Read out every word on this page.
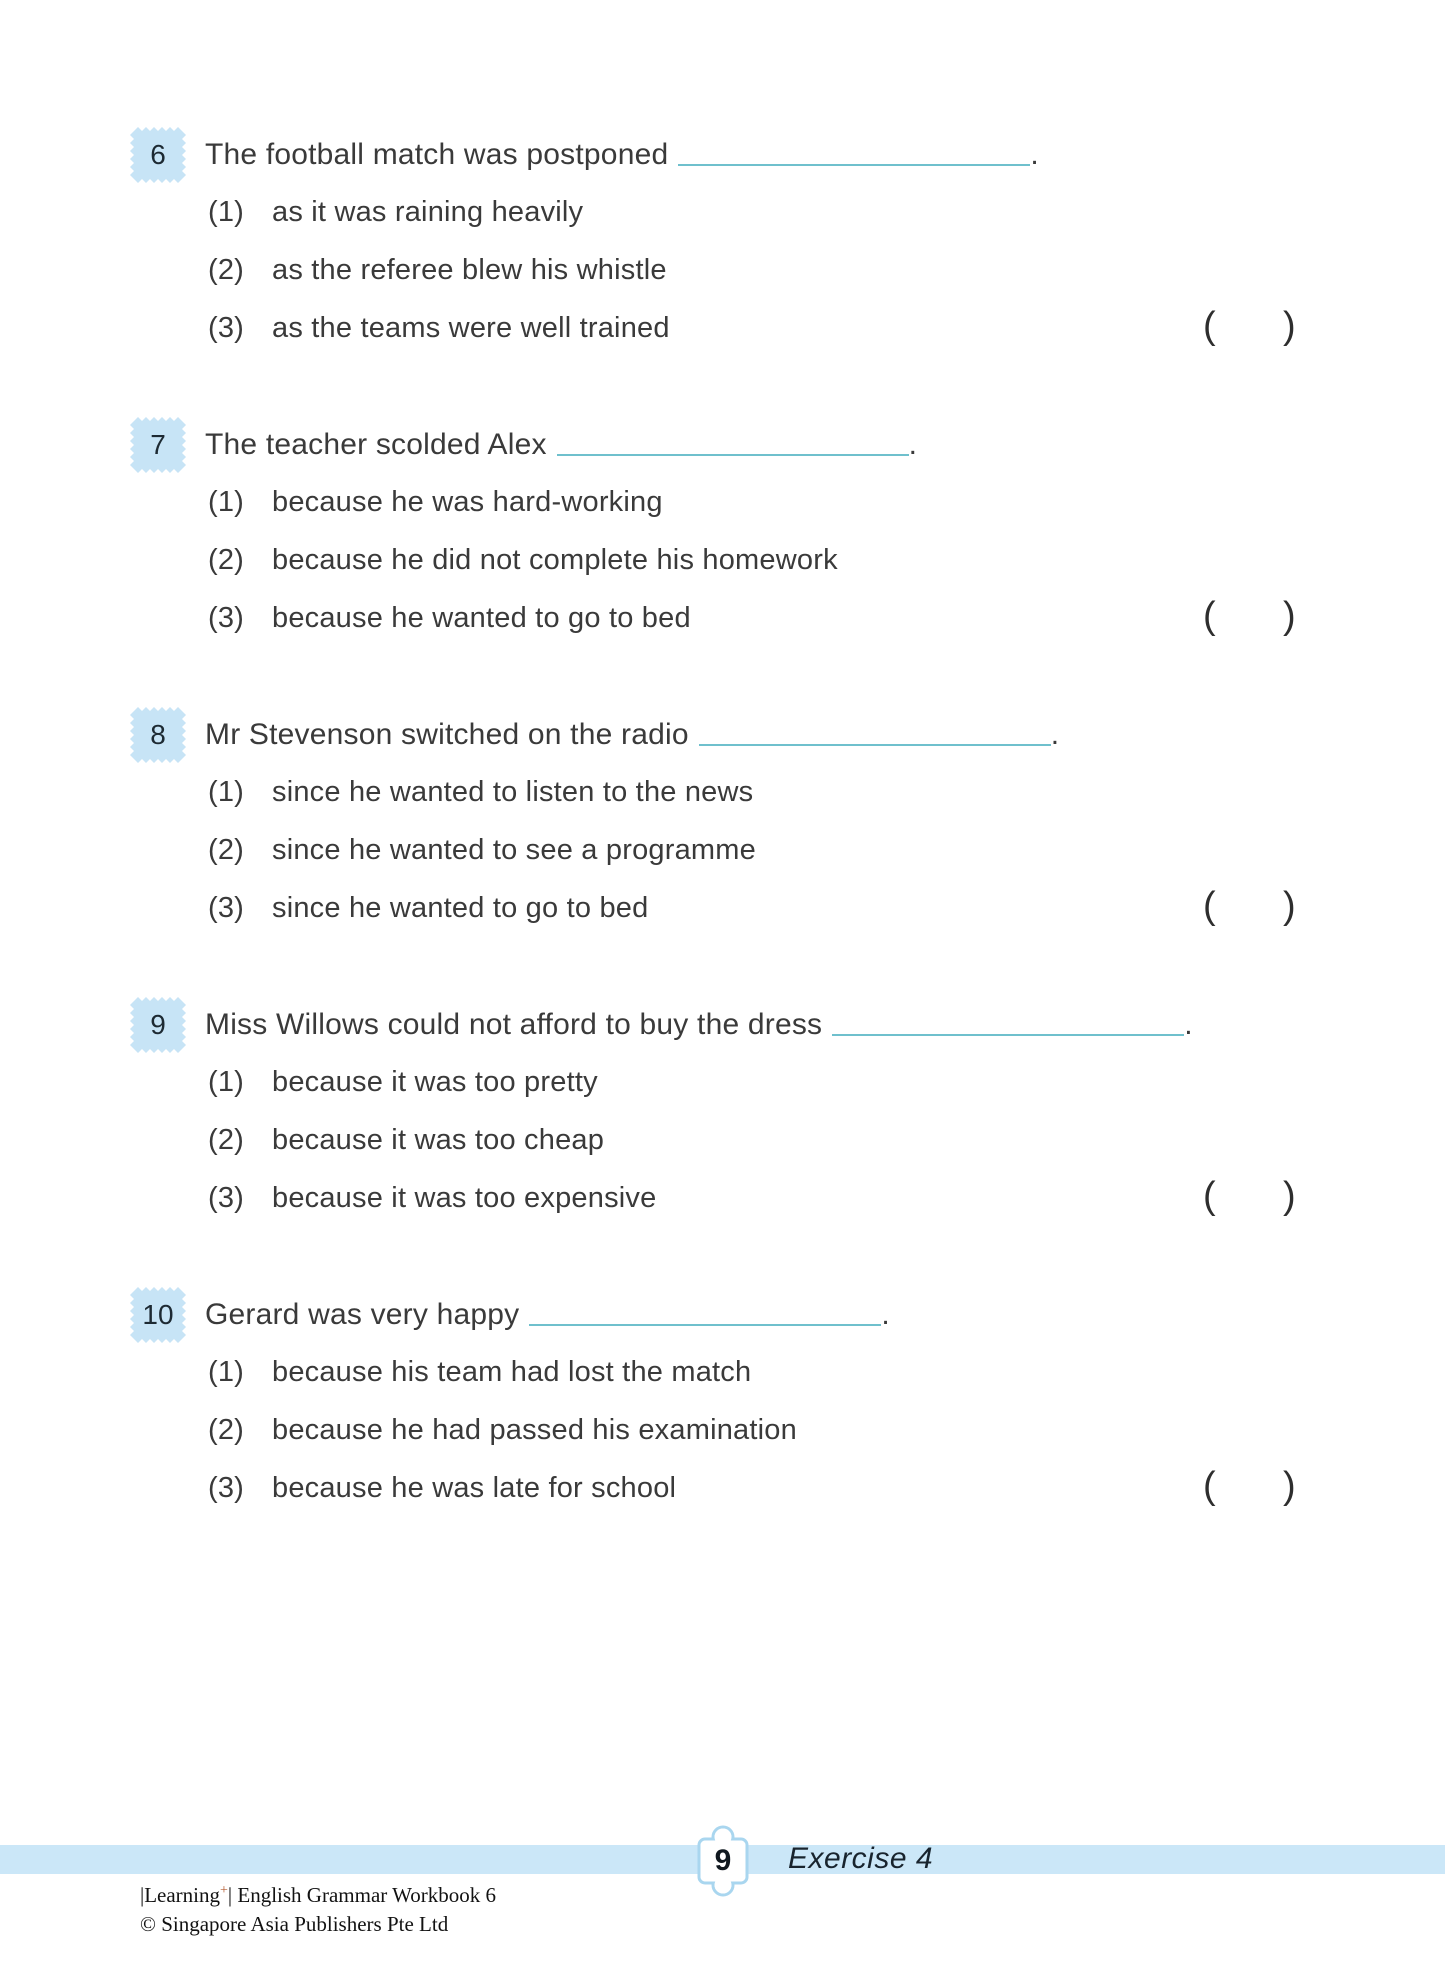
6	The football match was postponed	.
(1) as it was raining heavily
(2) as the referee blew his whistle
(3) as the teams were well trained	( )
7	The teacher scolded Alex	.
(1) because he was hard-working
(2) because he did not complete his homework
(3) because he wanted to go to bed	( )
8	Mr Stevenson switched on the radio	.
(1) since he wanted to listen to the news
(2) since he wanted to see a programme
(3) since he wanted to go to bed	( )
9	Miss Willows could not afford to buy the dress	.
(1) because it was too pretty
(2) because it was too cheap
(3) because it was too expensive	( )
10	Gerard was very happy	.
(1) because his team had lost the match
(2) because he had passed his examination
(3) because he was late for school	( )
9	Exercise 4
|Learning+| English Grammar Workbook 6
© Singapore Asia Publishers Pte Ltd
